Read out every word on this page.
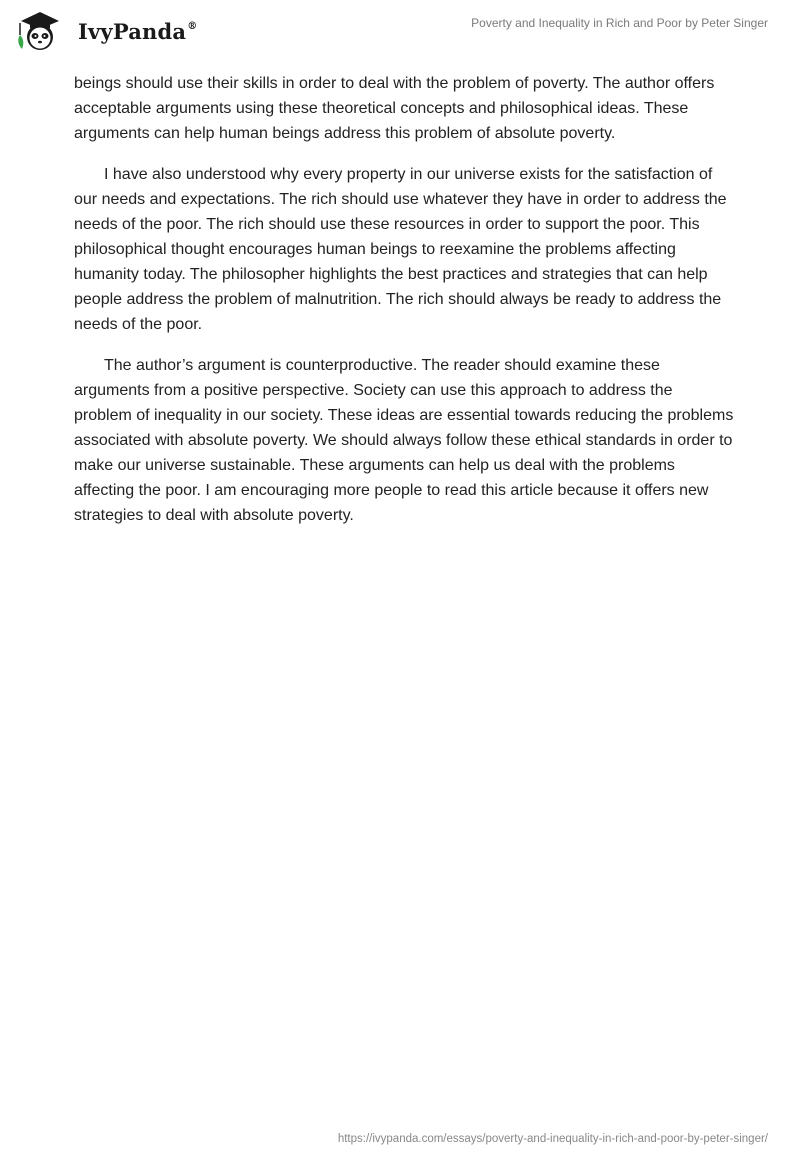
IvyPanda®	Poverty and Inequality in Rich and Poor by Peter Singer

beings should use their skills in order to deal with the problem of poverty. The author offers acceptable arguments using these theoretical concepts and philosophical ideas. These arguments can help human beings address this problem of absolute poverty.

I have also understood why every property in our universe exists for the satisfaction of our needs and expectations. The rich should use whatever they have in order to address the needs of the poor. The rich should use these resources in order to support the poor. This philosophical thought encourages human beings to reexamine the problems affecting humanity today. The philosopher highlights the best practices and strategies that can help people address the problem of malnutrition. The rich should always be ready to address the needs of the poor.

The author’s argument is counterproductive. The reader should examine these arguments from a positive perspective. Society can use this approach to address the problem of inequality in our society. These ideas are essential towards reducing the problems associated with absolute poverty. We should always follow these ethical standards in order to make our universe sustainable. These arguments can help us deal with the problems affecting the poor. I am encouraging more people to read this article because it offers new strategies to deal with absolute poverty.

https://ivypanda.com/essays/poverty-and-inequality-in-rich-and-poor-by-peter-singer/
